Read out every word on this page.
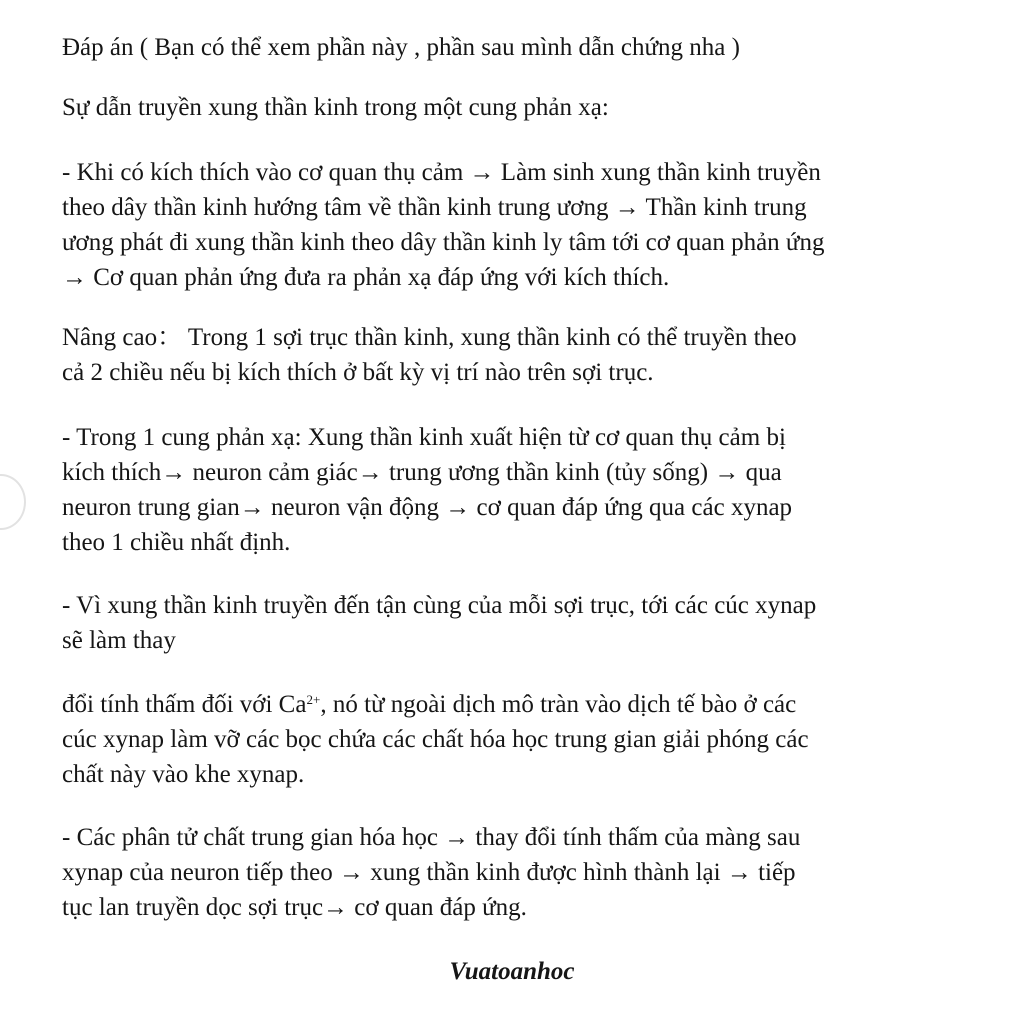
Đáp án ( Bạn có thể xem phần này , phần sau mình dẫn chứng nha )

Sự dẫn truyền xung thần kinh trong một cung phản xạ:

- Khi có kích thích vào cơ quan thụ cảm → Làm sinh xung thần kinh truyền
theo dây thần kinh hướng tâm về thần kinh trung ương → Thần kinh trung
ương phát đi xung thần kinh theo dây thần kinh ly tâm tới cơ quan phản ứng
→ Cơ quan phản ứng đưa ra phản xạ đáp ứng với kích thích.

Nâng cao： Trong 1 sợi trục thần kinh, xung thần kinh có thể truyền theo
cả 2 chiều nếu bị kích thích ở bất kỳ vị trí nào trên sợi trục.

- Trong 1 cung phản xạ: Xung thần kinh xuất hiện từ cơ quan thụ cảm bị
kích thích→ neuron cảm giác→ trung ương thần kinh (tủy sống) → qua
neuron trung gian→ neuron vận động → cơ quan đáp ứng qua các xynap
theo 1 chiều nhất định.

- Vì xung thần kinh truyền đến tận cùng của mỗi sợi trục, tới các cúc xynap
sẽ làm thay

đổi tính thấm đối với $Ca^{2+}$, nó từ ngoài dịch mô tràn vào dịch tế bào ở các
cúc xynap làm vỡ các bọc chứa các chất hóa học trung gian giải phóng các
chất này vào khe xynap.

- Các phân tử chất trung gian hóa học → thay đổi tính thấm của màng sau
xynap của neuron tiếp theo → xung thần kinh được hình thành lại → tiếp
tục lan truyền dọc sợi trục→ cơ quan đáp ứng.

Vuatoanhoc
